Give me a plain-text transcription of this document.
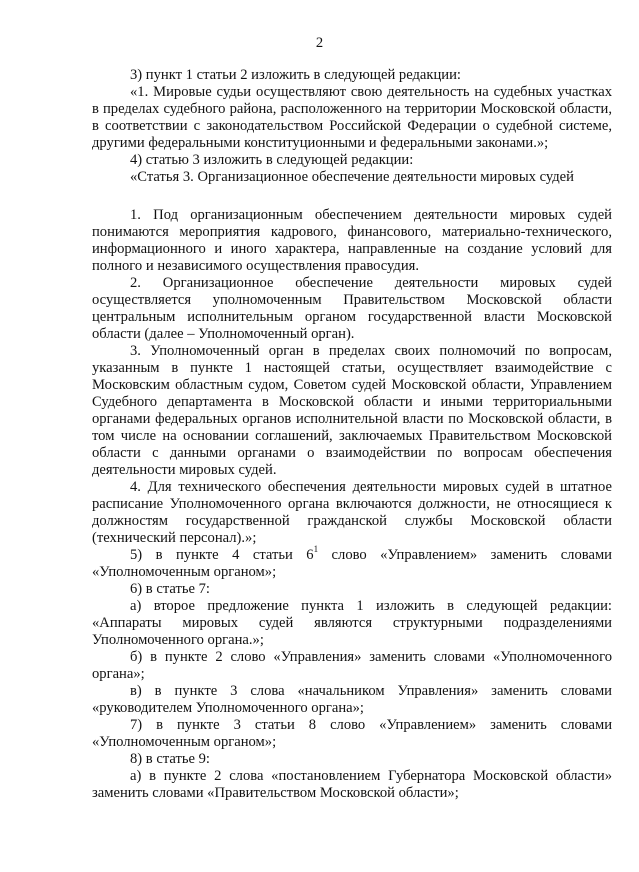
2

3) пункт 1 статьи 2 изложить в следующей редакции:

«1. Мировые судьи осуществляют свою деятельность на судебных участках в пределах судебного района, расположенного на территории Московской области, в соответствии с законодательством Российской Федерации о судебной системе, другими федеральными конституционными и федеральными законами.»;

4) статью 3 изложить в следующей редакции:

«Статья 3. Организационное обеспечение деятельности мировых судей

1. Под организационным обеспечением деятельности мировых судей понимаются мероприятия кадрового, финансового, материально-технического, информационного и иного характера, направленные на создание условий для полного и независимого осуществления правосудия.

2. Организационное обеспечение деятельности мировых судей осуществляется уполномоченным Правительством Московской области центральным исполнительным органом государственной власти Московской области (далее – Уполномоченный орган).

3. Уполномоченный орган в пределах своих полномочий по вопросам, указанным в пункте 1 настоящей статьи, осуществляет взаимодействие с Московским областным судом, Советом судей Московской области, Управлением Судебного департамента в Московской области и иными территориальными органами федеральных органов исполнительной власти по Московской области, в том числе на основании соглашений, заключаемых Правительством Московской области с данными органами о взаимодействии по вопросам обеспечения деятельности мировых судей.

4. Для технического обеспечения деятельности мировых судей в штатное расписание Уполномоченного органа включаются должности, не относящиеся к должностям государственной гражданской службы Московской области (технический персонал).»;

5) в пункте 4 статьи $6^1$ слово «Управлением» заменить словами «Уполномоченным органом»;

6) в статье 7:

а) второе предложение пункта 1 изложить в следующей редакции: «Аппараты мировых судей являются структурными подразделениями Уполномоченного органа.»;

б) в пункте 2 слово «Управления» заменить словами «Уполномоченного органа»;

в) в пункте 3 слова «начальником Управления» заменить словами «руководителем Уполномоченного органа»;

7) в пункте 3 статьи 8 слово «Управлением» заменить словами «Уполномоченным органом»;

8) в статье 9:

а) в пункте 2 слова «постановлением Губернатора Московской области» заменить словами «Правительством Московской области»;
